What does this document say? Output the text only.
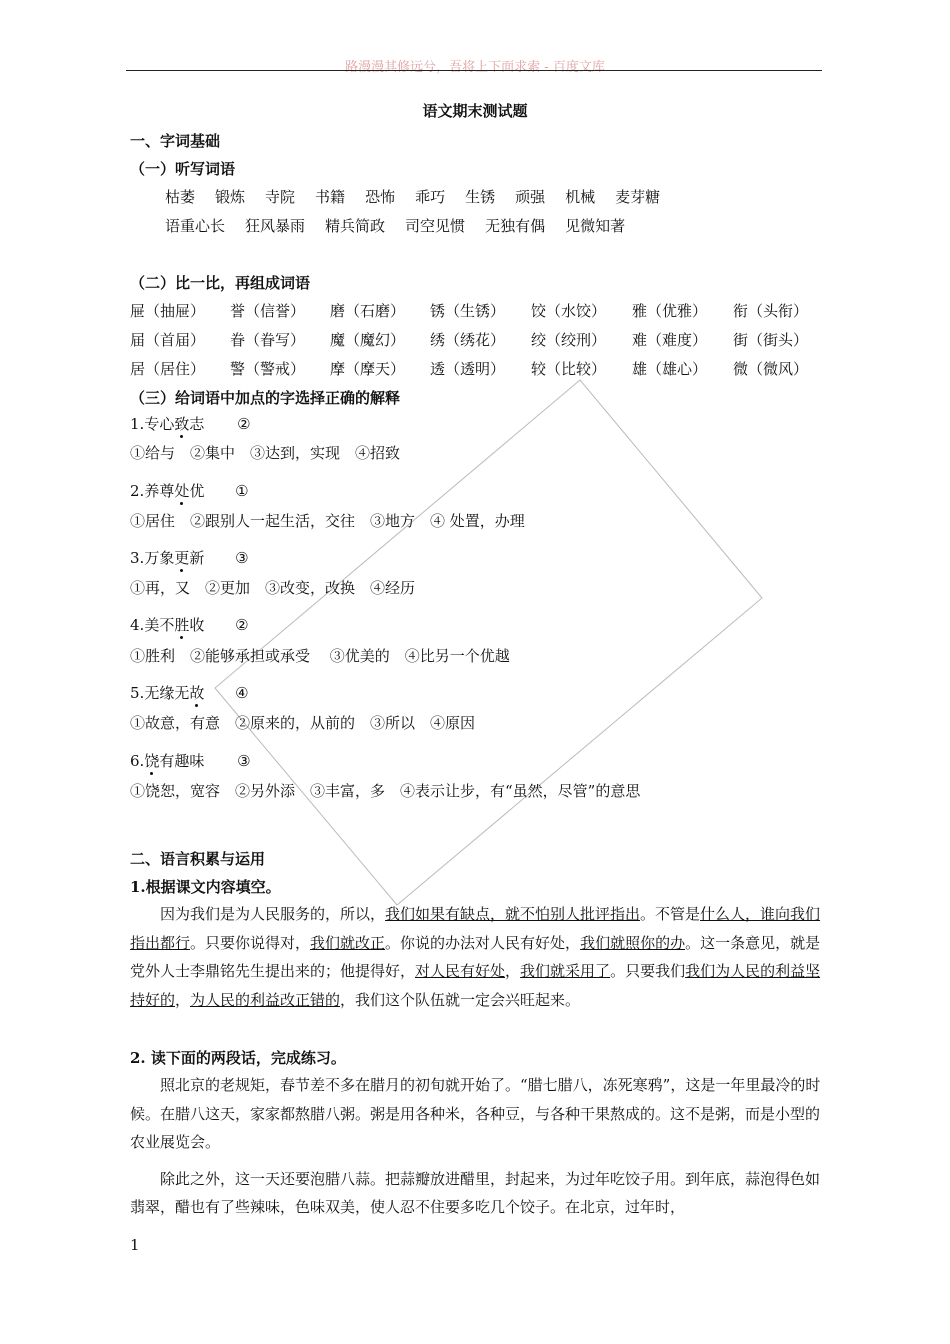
路漫漫其修远兮，吾将上下面求索 - 百度文库
语文期末测试题
一、字词基础
（一）听写词语
枯萎 锻炼 寺院 书籍 恐怖 乖巧 生锈 顽强 机械 麦芽糖
语重心长 狂风暴雨 精兵简政 司空见惯 无独有偶 见微知著
（二）比一比，再组成词语
屉（抽屉） 誉（信誉） 磨（石磨） 锈（生锈） 饺（水饺） 雅（优雅） 衔（头衔）
届（首届） 眷（眷写） 魔（魔幻） 绣（绣花） 绞（绞刑） 难（难度） 街（街头）
居（居住） 警（警戒） 摩（摩天） 透（透明） 较（比较） 雄（雄心） 微（微风）
（三）给词语中加点的字选择正确的解释
1.专心致志 ②
①给与　②集中　③达到，实现　④招致
2.养尊处优 ①
①居住　②跟别人一起生活，交往　③地方　④ 处置，办理
3.万象更新 ③
①再，又　②更加　③改变，改换　④经历
4.美不胜收 ②
①胜利　②能够承担或承受　 ③优美的　④比另一个优越
5.无缘无故 ④
①故意，有意　②原来的，从前的　③所以　④原因
6.饶有趣味 ③
①饶恕，宽容　②另外添　③丰富，多　④表示让步，有“虽然，尽管”的意思
二、语言积累与运用
1.根据课文内容填空。

因为我们是为人民服务的，所以，我们如果有缺点，就不怕别人批评指出。不管是什么人，谁向我们指出都行。只要你说得对，我们就改正。你说的办法对人民有好处，我们就照你的办。这一条意见，就是党外人士李鼎铭先生提出来的；他提得好，对人民有好处，我们就采用了。只要我们我们为人民的利益坚持好的，为人民的利益改正错的，我们这个队伍就一定会兴旺起来。

2. 读下面的两段话，完成练习。

照北京的老规矩，春节差不多在腊月的初旬就开始了。“腊七腊八，冻死寒鸦”，这是一年里最冷的时候。在腊八这天，家家都熬腊八粥。粥是用各种米，各种豆，与各种干果熬成的。这不是粥，而是小型的农业展览会。

除此之外，这一天还要泡腊八蒜。把蒜瓣放进醋里，封起来，为过年吃饺子用。到年底，蒜泡得色如翡翠，醋也有了些辣味，色味双美，使人忍不住要多吃几个饺子。在北京，过年时，

1
